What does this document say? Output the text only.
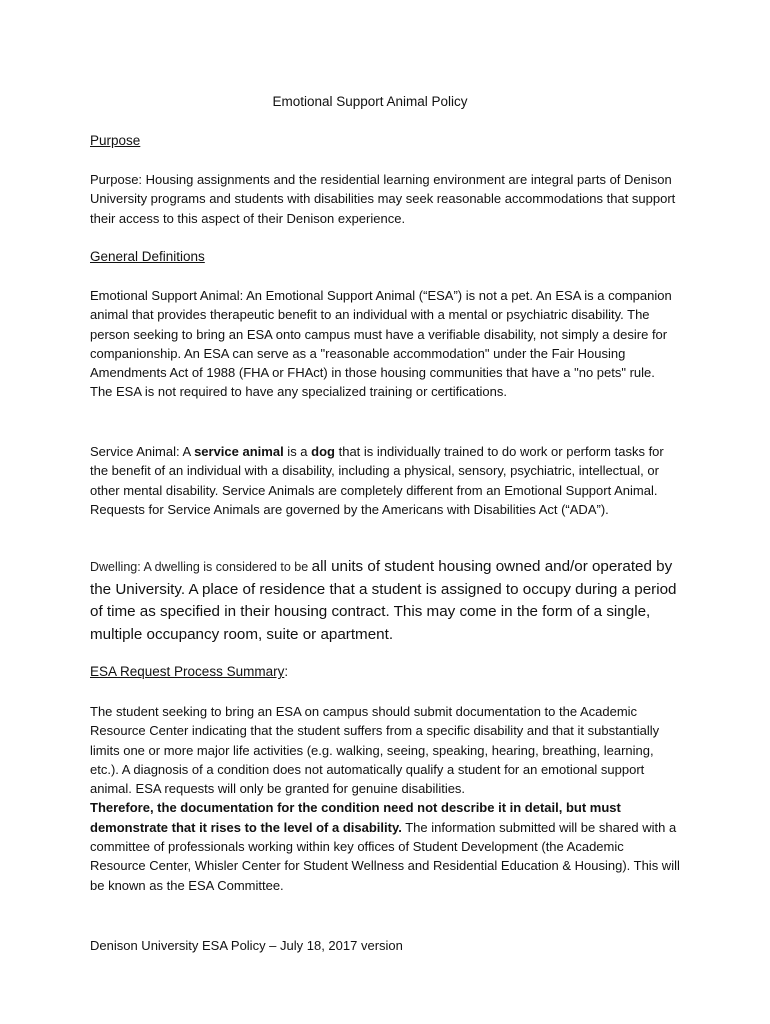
Emotional Support Animal Policy
Purpose

Purpose: Housing assignments and the residential learning environment are integral parts of Denison University programs and students with disabilities may seek reasonable accommodations that support their access to this aspect of their Denison experience.

General Definitions

Emotional Support Animal: An Emotional Support Animal (“ESA”) is not a pet. An ESA is a companion animal that provides therapeutic benefit to an individual with a mental or psychiatric disability. The person seeking to bring an ESA onto campus must have a verifiable disability, not simply a desire for companionship. An ESA can serve as a "reasonable accommodation" under the Fair Housing Amendments Act of 1988 (FHA or FHAct) in those housing communities that have a "no pets" rule. The ESA is not required to have any specialized training or certifications.

Service Animal: A service animal is a dog that is individually trained to do work or perform tasks for the benefit of an individual with a disability, including a physical, sensory, psychiatric, intellectual, or other mental disability. Service Animals are completely different from an Emotional Support Animal. Requests for Service Animals are governed by the Americans with Disabilities Act (“ADA”).

Dwelling: A dwelling is considered to be all units of student housing owned and/or operated by the University. A place of residence that a student is assigned to occupy during a period of time as specified in their housing contract. This may come in the form of a single, multiple occupancy room, suite or apartment.

ESA Request Process Summary:

The student seeking to bring an ESA on campus should submit documentation to the Academic Resource Center indicating that the student suffers from a specific disability and that it substantially limits one or more major life activities (e.g. walking, seeing, speaking, hearing, breathing, learning, etc.). A diagnosis of a condition does not automatically qualify a student for an emotional support animal. ESA requests will only be granted for genuine disabilities.
Therefore, the documentation for the condition need not describe it in detail, but must demonstrate that it rises to the level of a disability. The information submitted will be shared with a committee of professionals working within key offices of Student Development (the Academic Resource Center, Whisler Center for Student Wellness and Residential Education & Housing). This will be known as the ESA Committee.

Denison University ESA Policy – July 18, 2017 version
